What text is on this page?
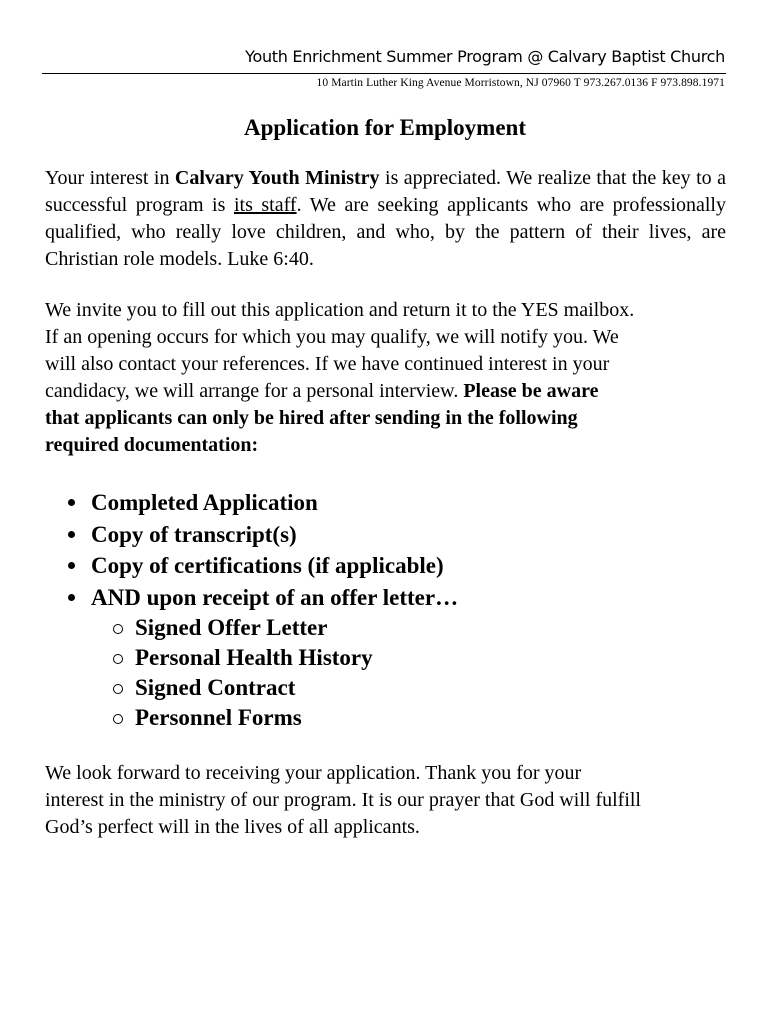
Youth Enrichment Summer Program @ Calvary Baptist Church
10 Martin Luther King Avenue Morristown, NJ 07960 T 973.267.0136 F 973.898.1971
Application for Employment
Your interest in Calvary Youth Ministry is appreciated. We realize that the key to a successful program is its staff. We are seeking applicants who are professionally qualified, who really love children, and who, by the pattern of their lives, are Christian role models. Luke 6:40.
We invite you to fill out this application and return it to the YES mailbox.
If an opening occurs for which you may qualify, we will notify you. We
will also contact your references. If we have continued interest in your
candidacy, we will arrange for a personal interview. Please be aware
that applicants can only be hired after sending in the following
required documentation:
Completed Application
Copy of transcript(s)
Copy of certifications (if applicable)
AND upon receipt of an offer letter…
Signed Offer Letter
Personal Health History
Signed Contract
Personnel Forms
We look forward to receiving your application. Thank you for your
interest in the ministry of our program. It is our prayer that God will fulfill
God’s perfect will in the lives of all applicants.
